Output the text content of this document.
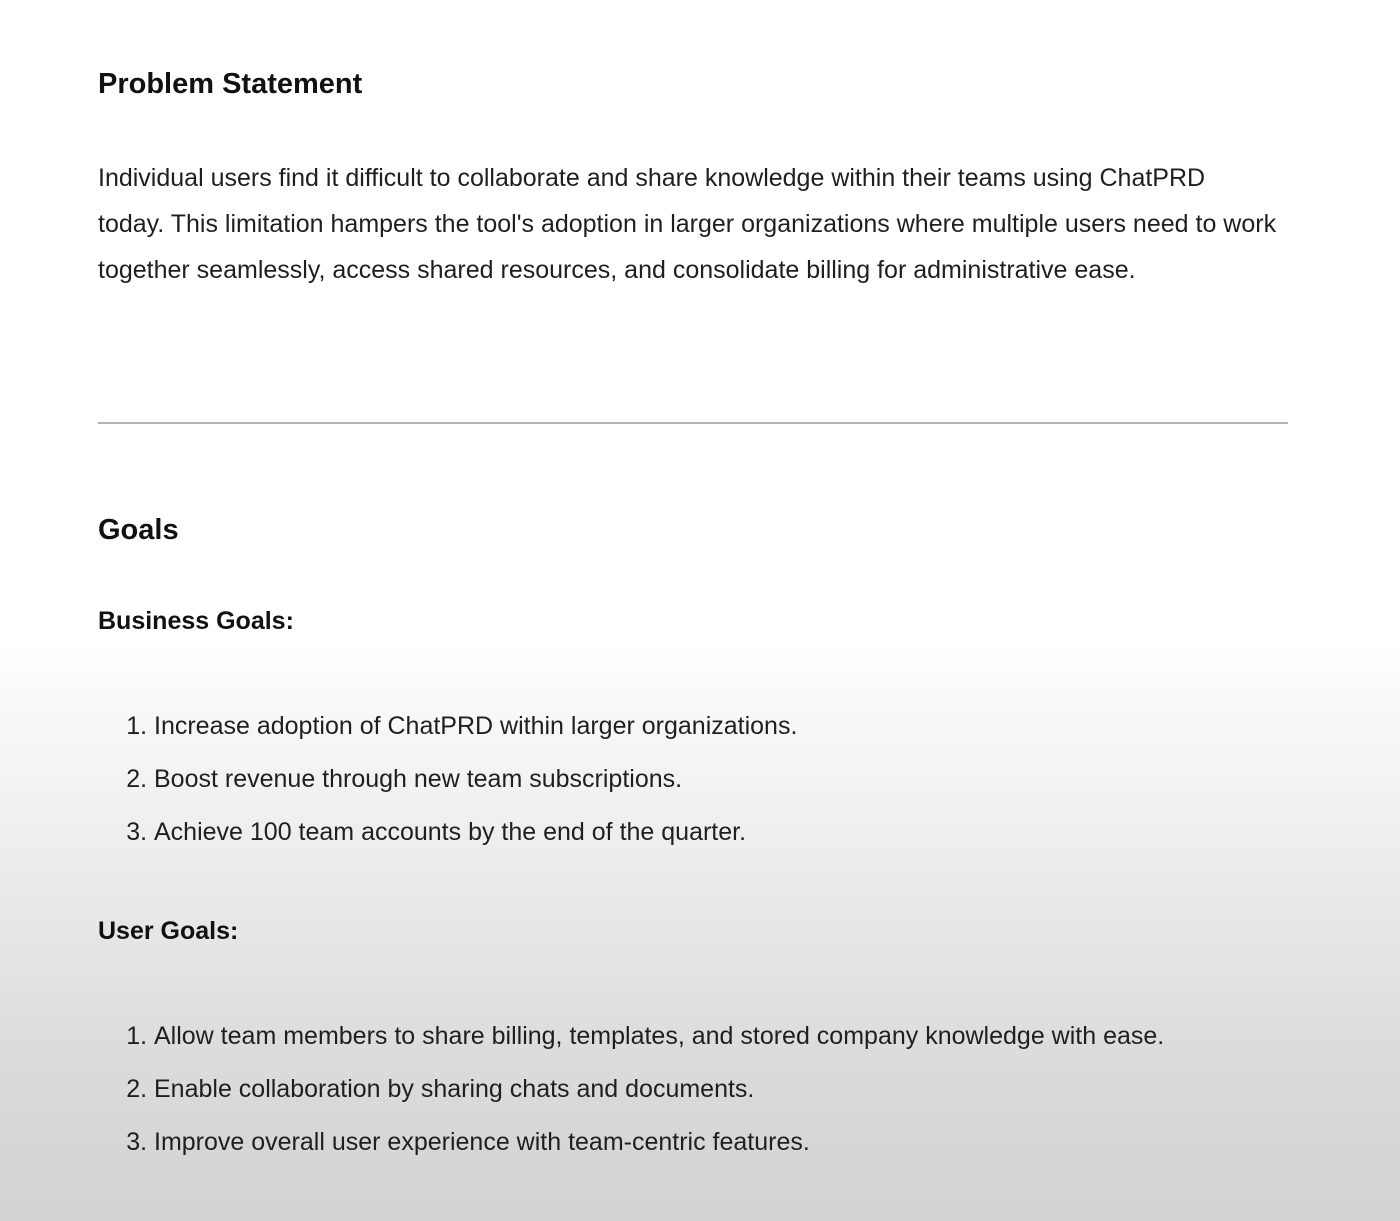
Problem Statement
Individual users find it difficult to collaborate and share knowledge within their teams using ChatPRD today. This limitation hampers the tool's adoption in larger organizations where multiple users need to work together seamlessly, access shared resources, and consolidate billing for administrative ease.
Goals
Business Goals:
1. Increase adoption of ChatPRD within larger organizations.
2. Boost revenue through new team subscriptions.
3. Achieve 100 team accounts by the end of the quarter.
User Goals:
1. Allow team members to share billing, templates, and stored company knowledge with ease.
2. Enable collaboration by sharing chats and documents.
3. Improve overall user experience with team-centric features.
